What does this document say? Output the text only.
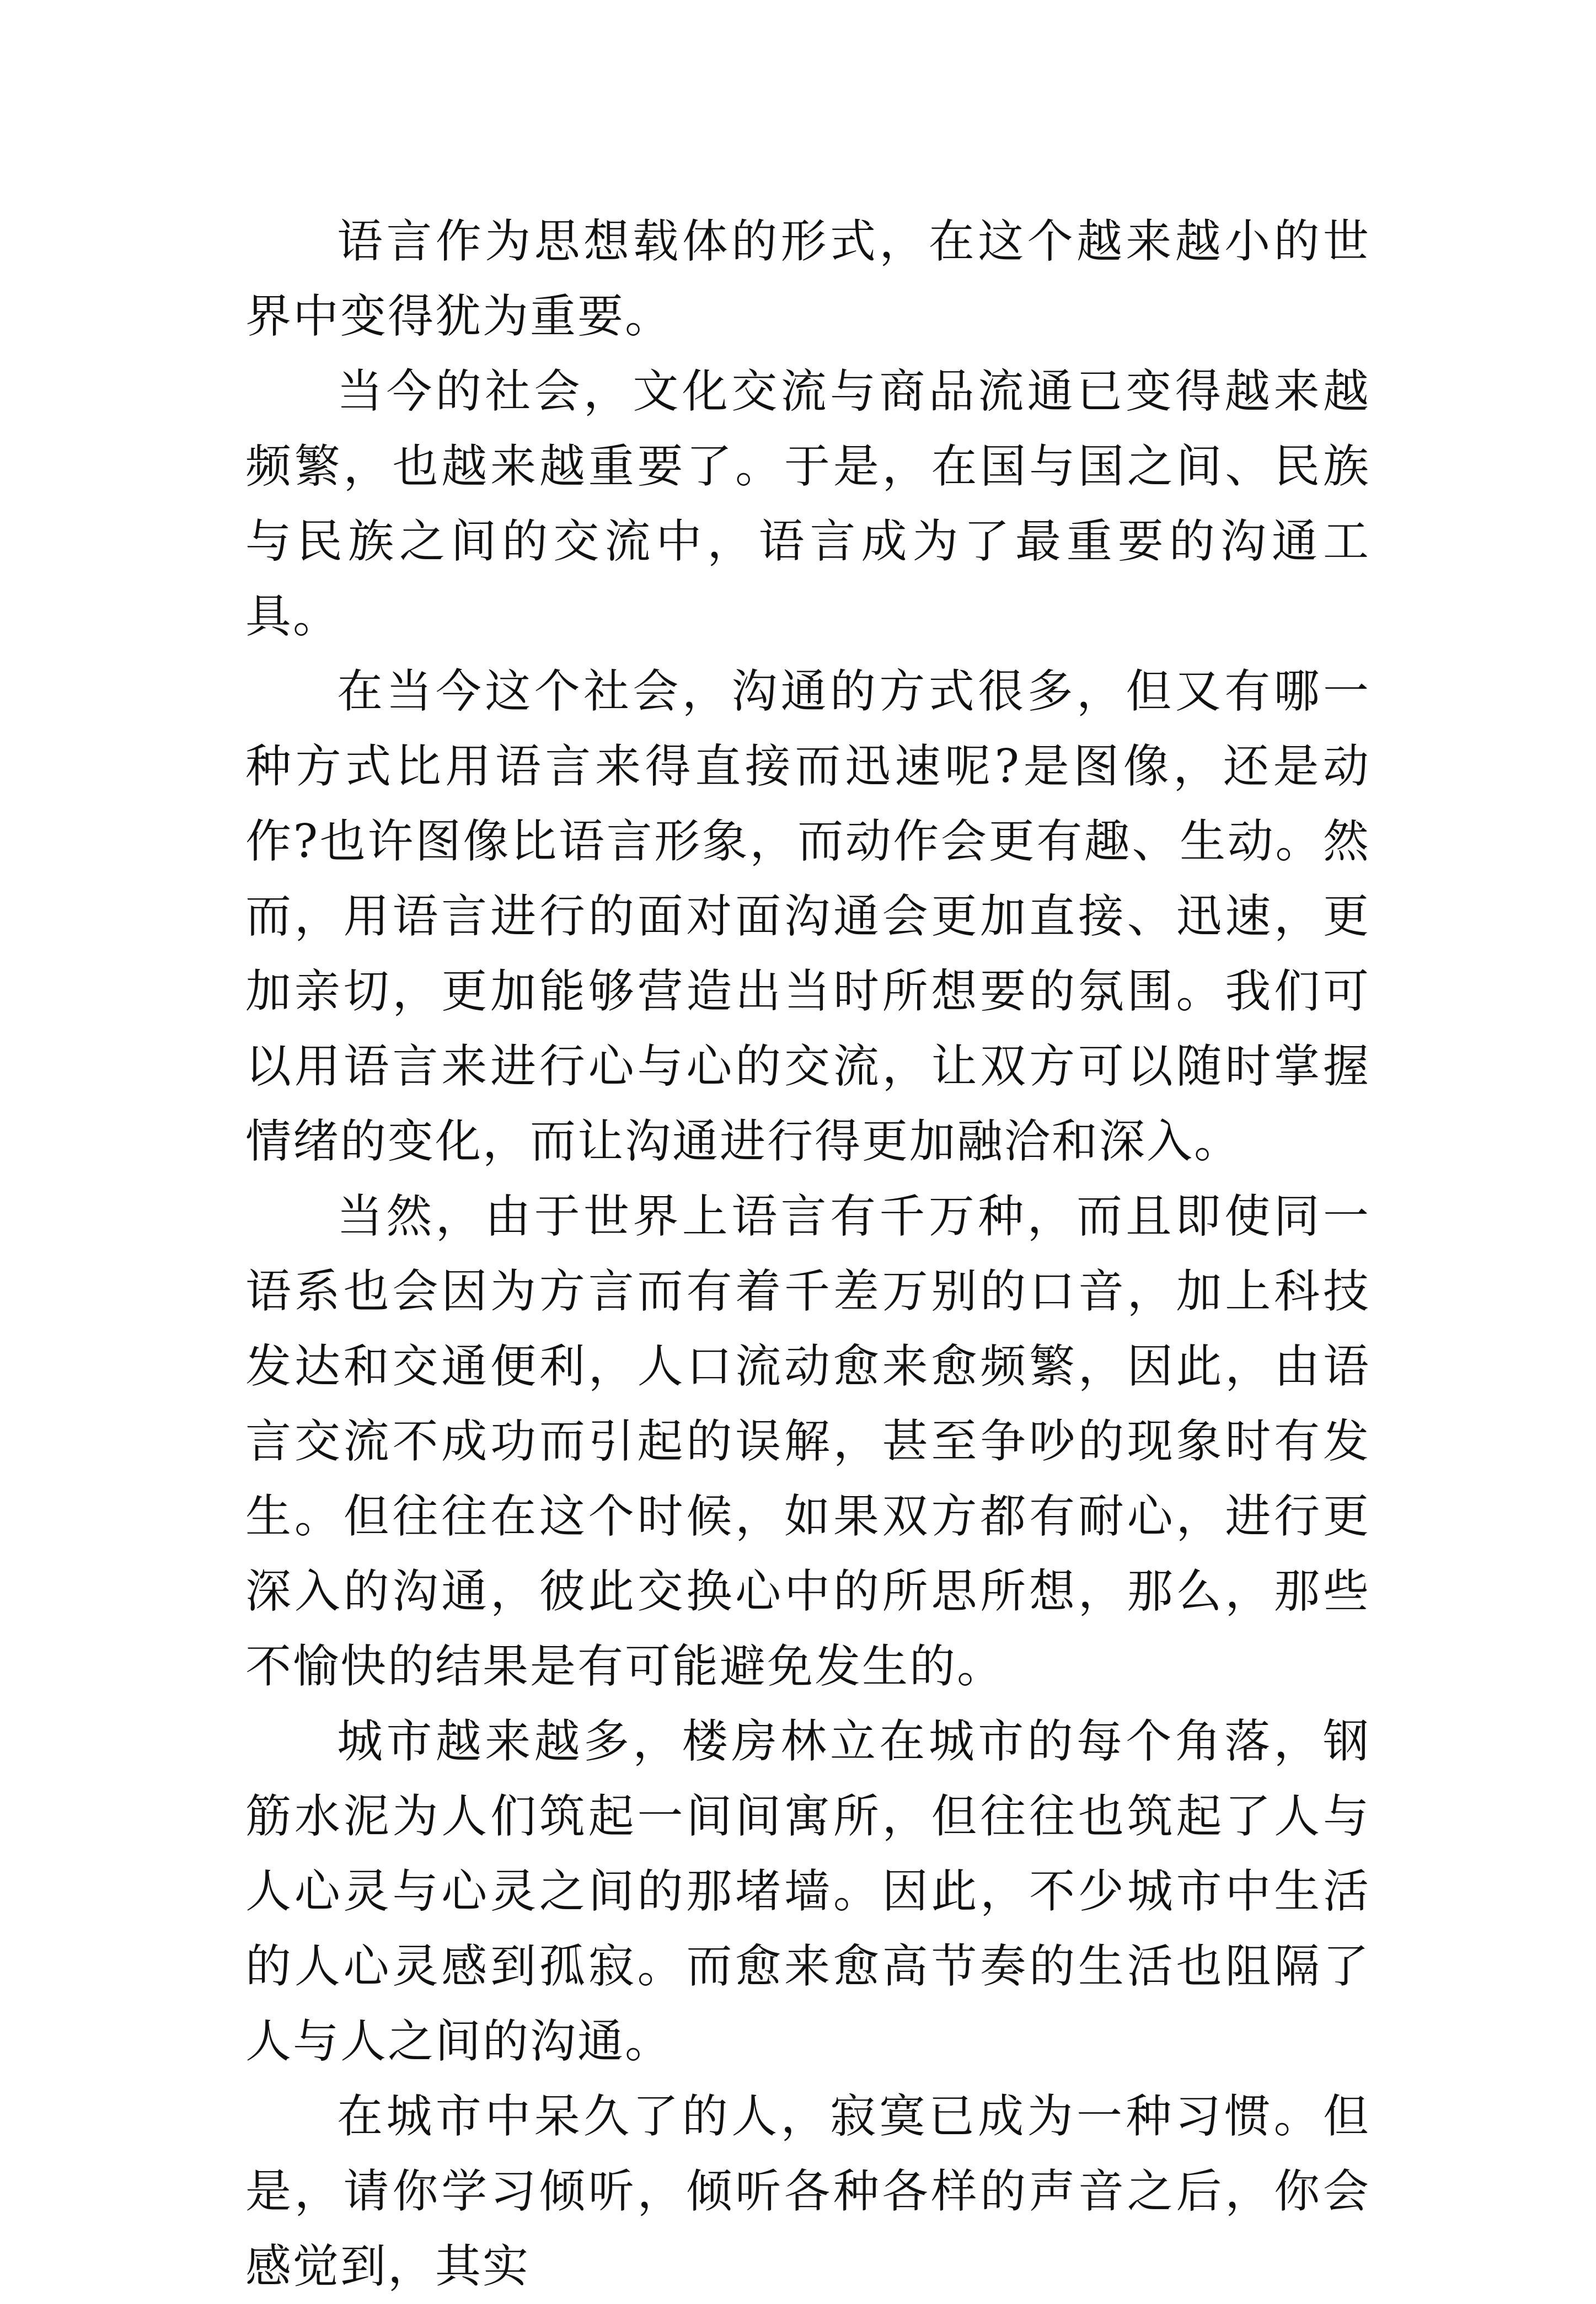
语言作为思想载体的形式，在这个越来越小的世界中变得犹为重要。

当今的社会，文化交流与商品流通已变得越来越频繁，也越来越重要了。于是，在国与国之间、民族与民族之间的交流中，语言成为了最重要的沟通工具。

在当今这个社会，沟通的方式很多，但又有哪一种方式比用语言来得直接而迅速呢?是图像，还是动作?也许图像比语言形象，而动作会更有趣、生动。然而，用语言进行的面对面沟通会更加直接、迅速，更加亲切，更加能够营造出当时所想要的氛围。我们可以用语言来进行心与心的交流，让双方可以随时掌握情绪的变化，而让沟通进行得更加融洽和深入。

当然，由于世界上语言有千万种，而且即使同一语系也会因为方言而有着千差万别的口音，加上科技发达和交通便利，人口流动愈来愈频繁，因此，由语言交流不成功而引起的误解，甚至争吵的现象时有发生。但往往在这个时候，如果双方都有耐心，进行更深入的沟通，彼此交换心中的所思所想，那么，那些不愉快的结果是有可能避免发生的。

城市越来越多，楼房林立在城市的每个角落，钢筋水泥为人们筑起一间间寓所，但往往也筑起了人与人心灵与心灵之间的那堵墙。因此，不少城市中生活的人心灵感到孤寂。而愈来愈高节奏的生活也阻隔了人与人之间的沟通。

在城市中呆久了的人，寂寞已成为一种习惯。但是，请你学习倾听，倾听各种各样的声音之后，你会感觉到，其实
